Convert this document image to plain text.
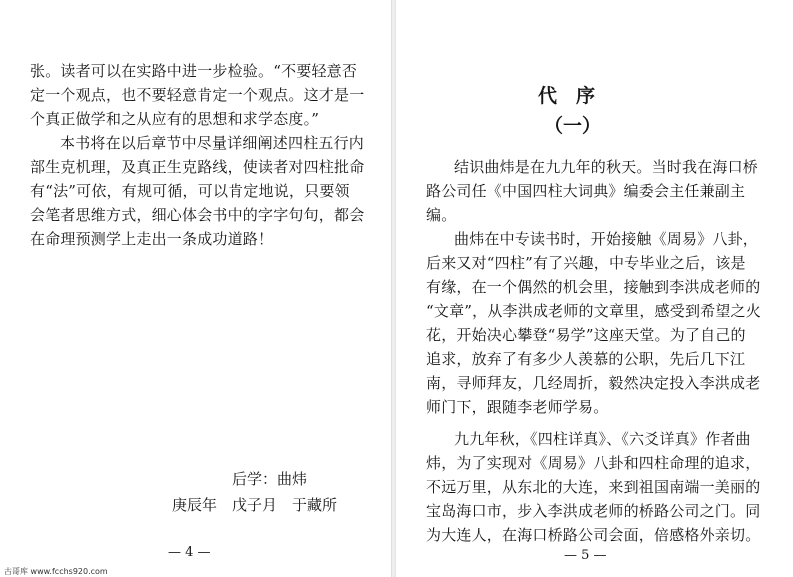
张。读者可以在实路中进一步检验。“不要轻意否
定一个观点，也不要轻意肯定一个观点。这才是一
个真正做学和之从应有的思想和求学态度。”
本书将在以后章节中尽量详细阐述四柱五行内
部生克机理，及真正生克路线，使读者对四柱批命
有“法”可依，有规可循，可以肯定地说，只要领
会笔者思维方式，细心体会书中的字字句句，都会
在命理预测学上走出一条成功道路！
后学：曲炜
庚辰年　戊子月　于藏所
— 4 —
代　序
（一）
结识曲炜是在九九年的秋天。当时我在海口桥
路公司任《中国四柱大词典》编委会主任兼副主
编。
曲炜在中专读书时，开始接触《周易》八卦，
后来又对“四柱”有了兴趣，中专毕业之后，该是
有缘，在一个偶然的机会里，接触到李洪成老师的
“文章”，从李洪成老师的文章里，感受到希望之火
花，开始决心攀登“易学”这座天堂。为了自己的
追求，放弃了有多少人羡慕的公职，先后几下江
南，寻师拜友，几经周折，毅然决定投入李洪成老
师门下，跟随李老师学易。
九九年秋，《四柱详真》、《六爻详真》作者曲
炜，为了实现对《周易》八卦和四柱命理的追求，
不远万里，从东北的大连，来到祖国南端一美丽的
宝岛海口市，步入李洪成老师的桥路公司之门。同
为大连人，在海口桥路公司会面，倍感格外亲切。
— 5 —
古哥库 www.fcchs920.com
